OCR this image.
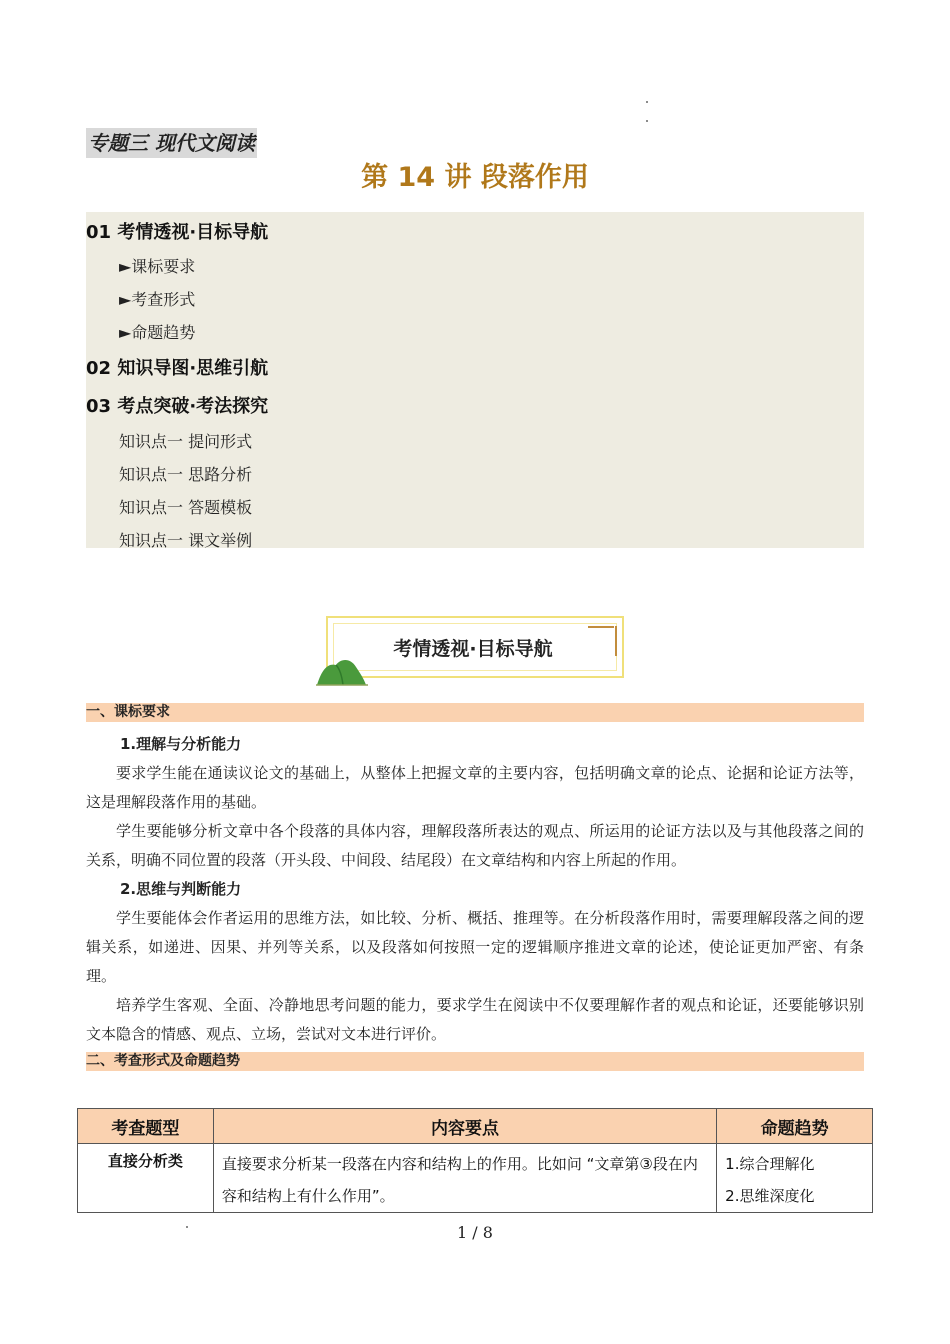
专题三 现代文阅读
第 14 讲 段落作用
01 考情透视·目标导航
►课标要求
►考查形式
►命题趋势
02 知识导图·思维引航
03 考点突破·考法探究
知识点一 提问形式
知识点一 思路分析
知识点一 答题模板
知识点一 课文举例
考情透视·目标导航
一、课标要求
1.理解与分析能力

要求学生能在通读议论文的基础上，从整体上把握文章的主要内容，包括明确文章的论点、论据和论证方法等，这是理解段落作用的基础。

学生要能够分析文章中各个段落的具体内容，理解段落所表达的观点、所运用的论证方法以及与其他段落之间的关系，明确不同位置的段落（开头段、中间段、结尾段）在文章结构和内容上所起的作用。

2.思维与判断能力

学生要能体会作者运用的思维方法，如比较、分析、概括、推理等。在分析段落作用时，需要理解段落之间的逻辑关系，如递进、因果、并列等关系，以及段落如何按照一定的逻辑顺序推进文章的论述，使论证更加严密、有条理。

培养学生客观、全面、冷静地思考问题的能力，要求学生在阅读中不仅要理解作者的观点和论证，还要能够识别文本隐含的情感、观点、立场，尝试对文本进行评价。

二、考查形式及命题趋势
考查题型	内容要点	命题趋势
直接分析类	直接要求分析某一段落在内容和结构上的作用。比如问 “文章第③段在内容和结构上有什么作用”。	1.综合理解化
2.思维深度化
1 / 8
